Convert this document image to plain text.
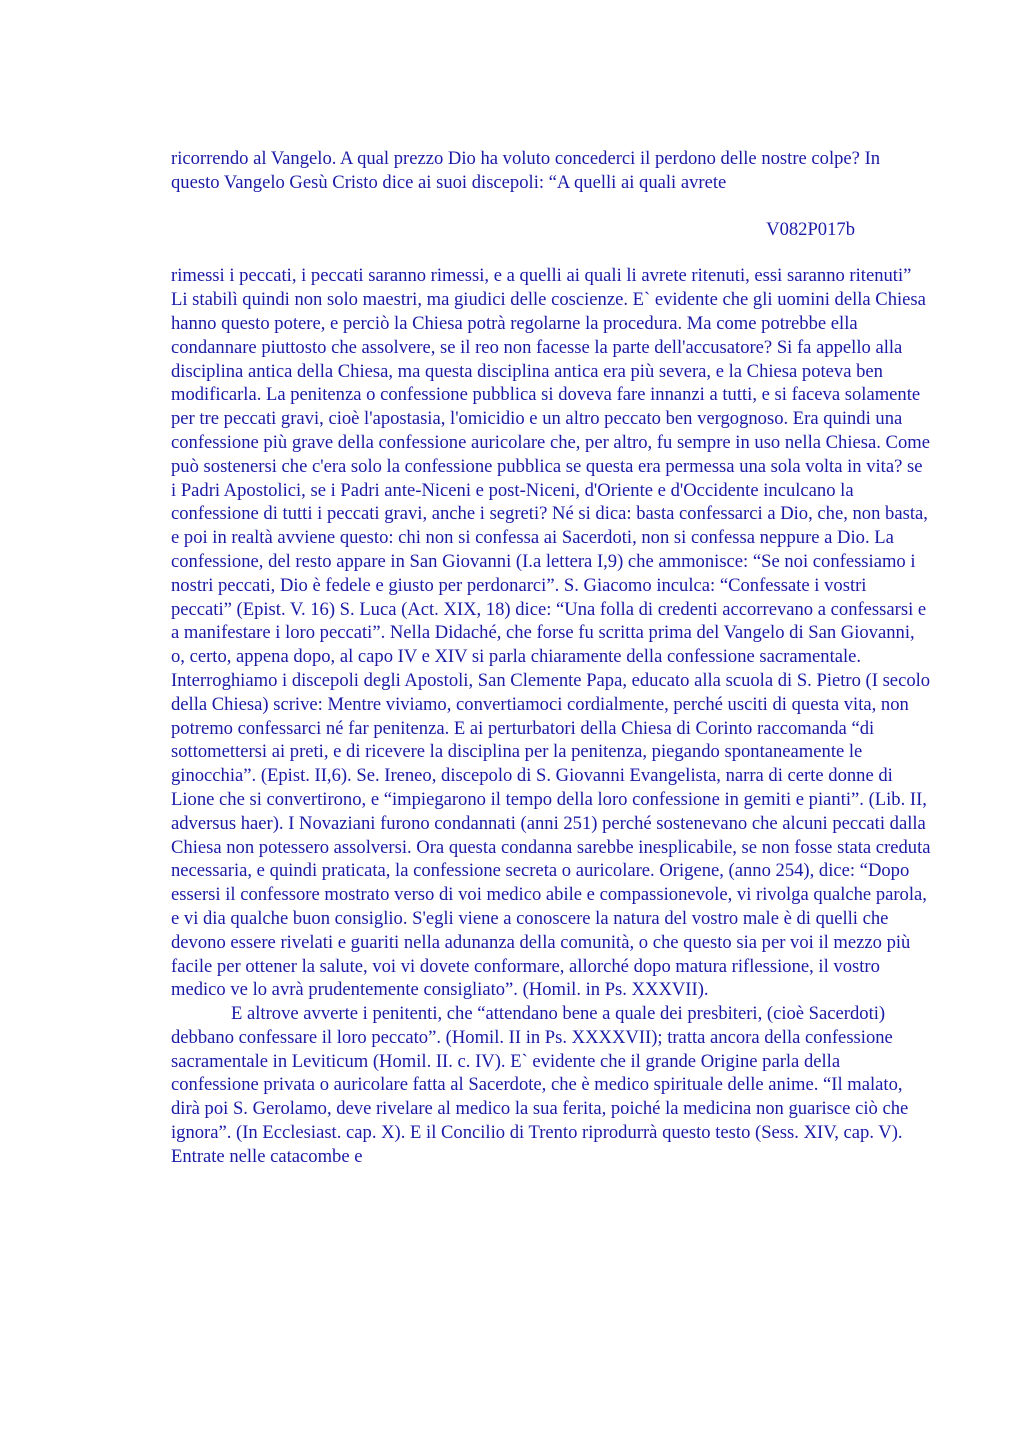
ricorrendo al Vangelo. A qual prezzo Dio ha voluto concederci il perdono delle nostre colpe? In questo Vangelo Gesù Cristo dice ai suoi discepoli: “A quelli ai quali avrete

V082P017b

rimessi i peccati, i peccati saranno rimessi, e a quelli ai quali li avrete ritenuti, essi saranno ritenuti” Li stabilì quindi non solo maestri, ma giudici delle coscienze. E` evidente che gli uomini della Chiesa hanno questo potere, e perciò la Chiesa potrà regolarne la procedura. Ma come potrebbe ella condannare piuttosto che assolvere, se il reo non facesse la parte dell'accusatore? Si fa appello alla disciplina antica della Chiesa, ma questa disciplina antica era più severa, e la Chiesa poteva ben modificarla. La penitenza o confessione pubblica si doveva fare innanzi a tutti, e si faceva solamente per tre peccati gravi, cioè l'apostasia, l'omicidio e un altro peccato ben vergognoso. Era quindi una confessione più grave della confessione auricolare che, per altro, fu sempre in uso nella Chiesa. Come può sostenersi che c'era solo la confessione pubblica se questa era permessa una sola volta in vita? se i Padri Apostolici, se i Padri ante-Niceni e post-Niceni, d'Oriente e d'Occidente inculcano la confessione di tutti i peccati gravi, anche i segreti? Né si dica: basta confessarci a Dio, che, non basta, e poi in realtà avviene questo: chi non si confessa ai Sacerdoti, non si confessa neppure a Dio. La confessione, del resto appare in San Giovanni (I.a lettera I,9) che ammonisce: “Se noi confessiamo i nostri peccati, Dio è fedele e giusto per perdonarci”. S. Giacomo inculca: “Confessate i vostri peccati” (Epist. V. 16) S. Luca (Act. XIX, 18) dice: “Una folla di credenti accorrevano a confessarsi e a manifestare i loro peccati”. Nella Didaché, che forse fu scritta prima del Vangelo di San Giovanni, o, certo, appena dopo, al capo IV e XIV si parla chiaramente della confessione sacramentale. Interroghiamo i discepoli degli Apostoli, San Clemente Papa, educato alla scuola di S. Pietro (I secolo della Chiesa) scrive: Mentre viviamo, convertiamoci cordialmente, perché usciti di questa vita, non potremo confessarci né far penitenza. E ai perturbatori della Chiesa di Corinto raccomanda “di sottomettersi ai preti, e di ricevere la disciplina per la penitenza, piegando spontaneamente le ginocchia”. (Epist. II,6). Se. Ireneo, discepolo di S. Giovanni Evangelista, narra di certe donne di Lione che si convertirono, e “impiegarono il tempo della loro confessione in gemiti e pianti”. (Lib. II, adversus haer). I Novaziani furono condannati (anni 251) perché sostenevano che alcuni peccati dalla Chiesa non potessero assolversi. Ora questa condanna sarebbe inesplicabile, se non fosse stata creduta necessaria, e quindi praticata, la confessione secreta o auricolare. Origene, (anno 254), dice: “Dopo essersi il confessore mostrato verso di voi medico abile e compassionevole, vi rivolga qualche parola, e vi dia qualche buon consiglio. S'egli viene a conoscere la natura del vostro male è di quelli che devono essere rivelati e guariti nella adunanza della comunità, o che questo sia per voi il mezzo più facile per ottener la salute, voi vi dovete conformare, allorché dopo matura riflessione, il vostro medico ve lo avrà prudentemente consigliato”. (Homil. in Ps. XXXVII).

E altrove avverte i penitenti, che “attendano bene a quale dei presbiteri, (cioè Sacerdoti) debbano confessare il loro peccato”. (Homil. II in Ps. XXXXVII); tratta ancora della confessione sacramentale in Leviticum (Homil. II. c. IV). E` evidente che il grande Origine parla della confessione privata o auricolare fatta al Sacerdote, che è medico spirituale delle anime. “Il malato, dirà poi S. Gerolamo, deve rivelare al medico la sua ferita, poiché la medicina non guarisce ciò che ignora”. (In Ecclesiast. cap. X). E il Concilio di Trento riprodurrà questo testo (Sess. XIV, cap. V). Entrate nelle catacombe e
